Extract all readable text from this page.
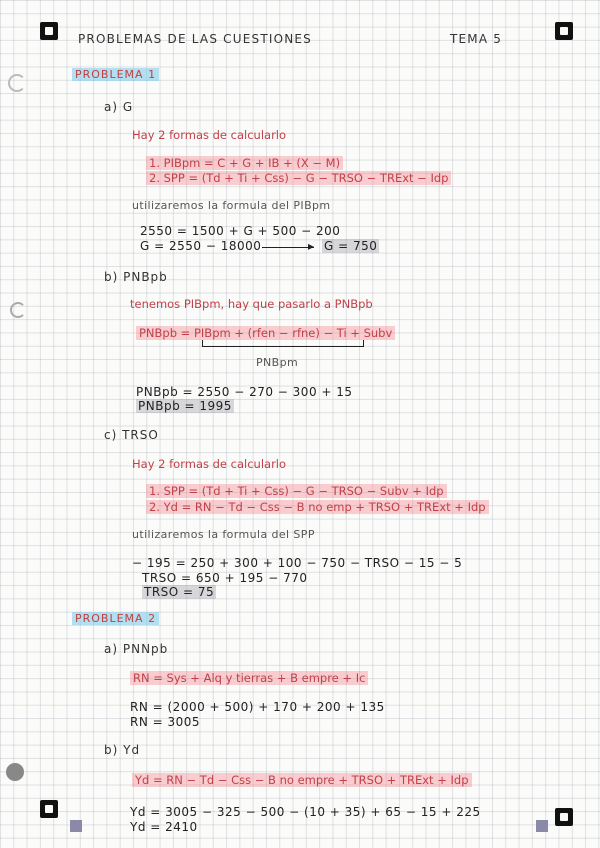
PROBLEMAS DE LAS CUESTIONES	TEMA 5
PROBLEMA 1
a) G
Hay 2 formas de calcularlo
1. PIBpm = C + G + IB + (X − M)
2. SPP = (Td + Ti + Css) − G − TRSO − TRExt − Idp
utilizaremos la formula del PIBpm
2550 = 1500 + G + 500 − 200
G = 2550 − 18000	▸ G = 750
b) PNBpb
tenemos PIBpm, hay que pasarlo a PNBpb
PNBpb = PIBpm + (rfen − rfne) − Ti + Subv
PNBpm
PNBpb = 2550 − 270 − 300 + 15
PNBpb = 1995
c) TRSO
Hay 2 formas de calcularlo
1. SPP = (Td + Ti + Css) − G − TRSO − Subv + Idp
2. Yd = RN − Td − Css − B no emp + TRSO + TRExt + Idp
utilizaremos la formula del SPP
− 195 = 250 + 300 + 100 − 750 − TRSO − 15 − 5
TRSO = 650 + 195 − 770
TRSO = 75
PROBLEMA 2
a) PNNpb
RN = Sys + Alq y tierras + B empre + Ic
RN = (2000 + 500) + 170 + 200 + 135
RN = 3005
b) Yd
Yd = RN − Td − Css − B no empre + TRSO + TRExt + Idp
Yd = 3005 − 325 − 500 − (10 + 35) + 65 − 15 + 225
Yd = 2410
